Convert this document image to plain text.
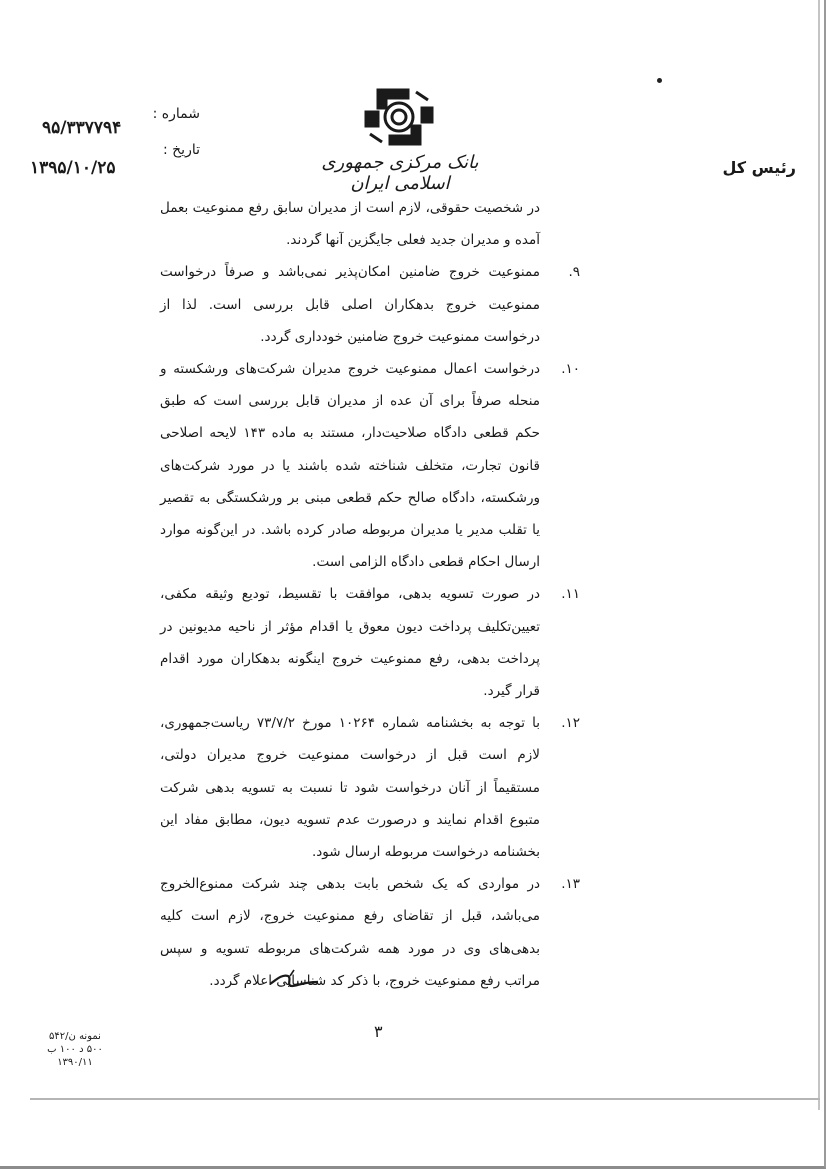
بانک مرکزی جمهوری اسلامی ایران
رئیس کل
شماره :
۹۵/۳۳۷۷۹۴
تاریخ :
۱۳۹۵/۱۰/۲۵

در شخصیت حقوقی، لازم است از مدیران سابق رفع ممنوعیت بعمل آمده و مدیران جدید فعلی جایگزین آنها گردند.

۹.
ممنوعیت خروج ضامنین امکان‌پذیر نمی‌باشد و صرفاً درخواست ممنوعیت خروج بدهکاران اصلی قابل بررسی است. لذا از درخواست ممنوعیت خروج ضامنین خودداری گردد.
۱۰.
درخواست اعمال ممنوعیت خروج مدیران شرکت‌های ورشکسته و منحله صرفاً برای آن عده از مدیران قابل بررسی است که طبق حکم قطعی دادگاه صلاحیت‌دار، مستند به ماده ۱۴۳ لایحه اصلاحی قانون تجارت، متخلف شناخته شده باشند یا در مورد شرکت‌های ورشکسته، دادگاه صالح حکم قطعی مبنی بر ورشکستگی به تقصیر یا تقلب مدیر یا مدیران مربوطه صادر کرده باشد. در این‌گونه موارد ارسال احکام قطعی دادگاه الزامی است.
۱۱.
در صورت تسویه بدهی، موافقت با تقسیط، تودیع وثیقه مکفی، تعیین‌تکلیف پرداخت دیون معوق یا اقدام مؤثر از ناحیه مدیونین در پرداخت بدهی، رفع ممنوعیت خروج اینگونه بدهکاران مورد اقدام قرار گیرد.
۱۲.
با توجه به بخشنامه شماره ۱۰۲۶۴ مورخ ۷۳/۷/۲ ریاست‌جمهوری، لازم است قبل از درخواست ممنوعیت خروج مدیران دولتی، مستقیماً از آنان درخواست شود تا نسبت به تسویه بدهی شرکت متبوع اقدام نمایند و درصورت عدم تسویه دیون، مطابق مفاد این بخشنامه درخواست مربوطه ارسال شود.
۱۳.
در مواردی که یک شخص بابت بدهی چند شرکت ممنوع‌الخروج می‌باشد، قبل از تقاضای رفع ممنوعیت خروج، لازم است کلیه بدهی‌های وی در مورد همه شرکت‌های مربوطه تسویه و سپس مراتب رفع ممنوعیت خروج، با ذکر کد شناسایی اعلام گردد.
۳
نمونه ن/۵۴۲
۵۰۰ د ۱۰۰ ب
۱۳۹۰/۱۱
